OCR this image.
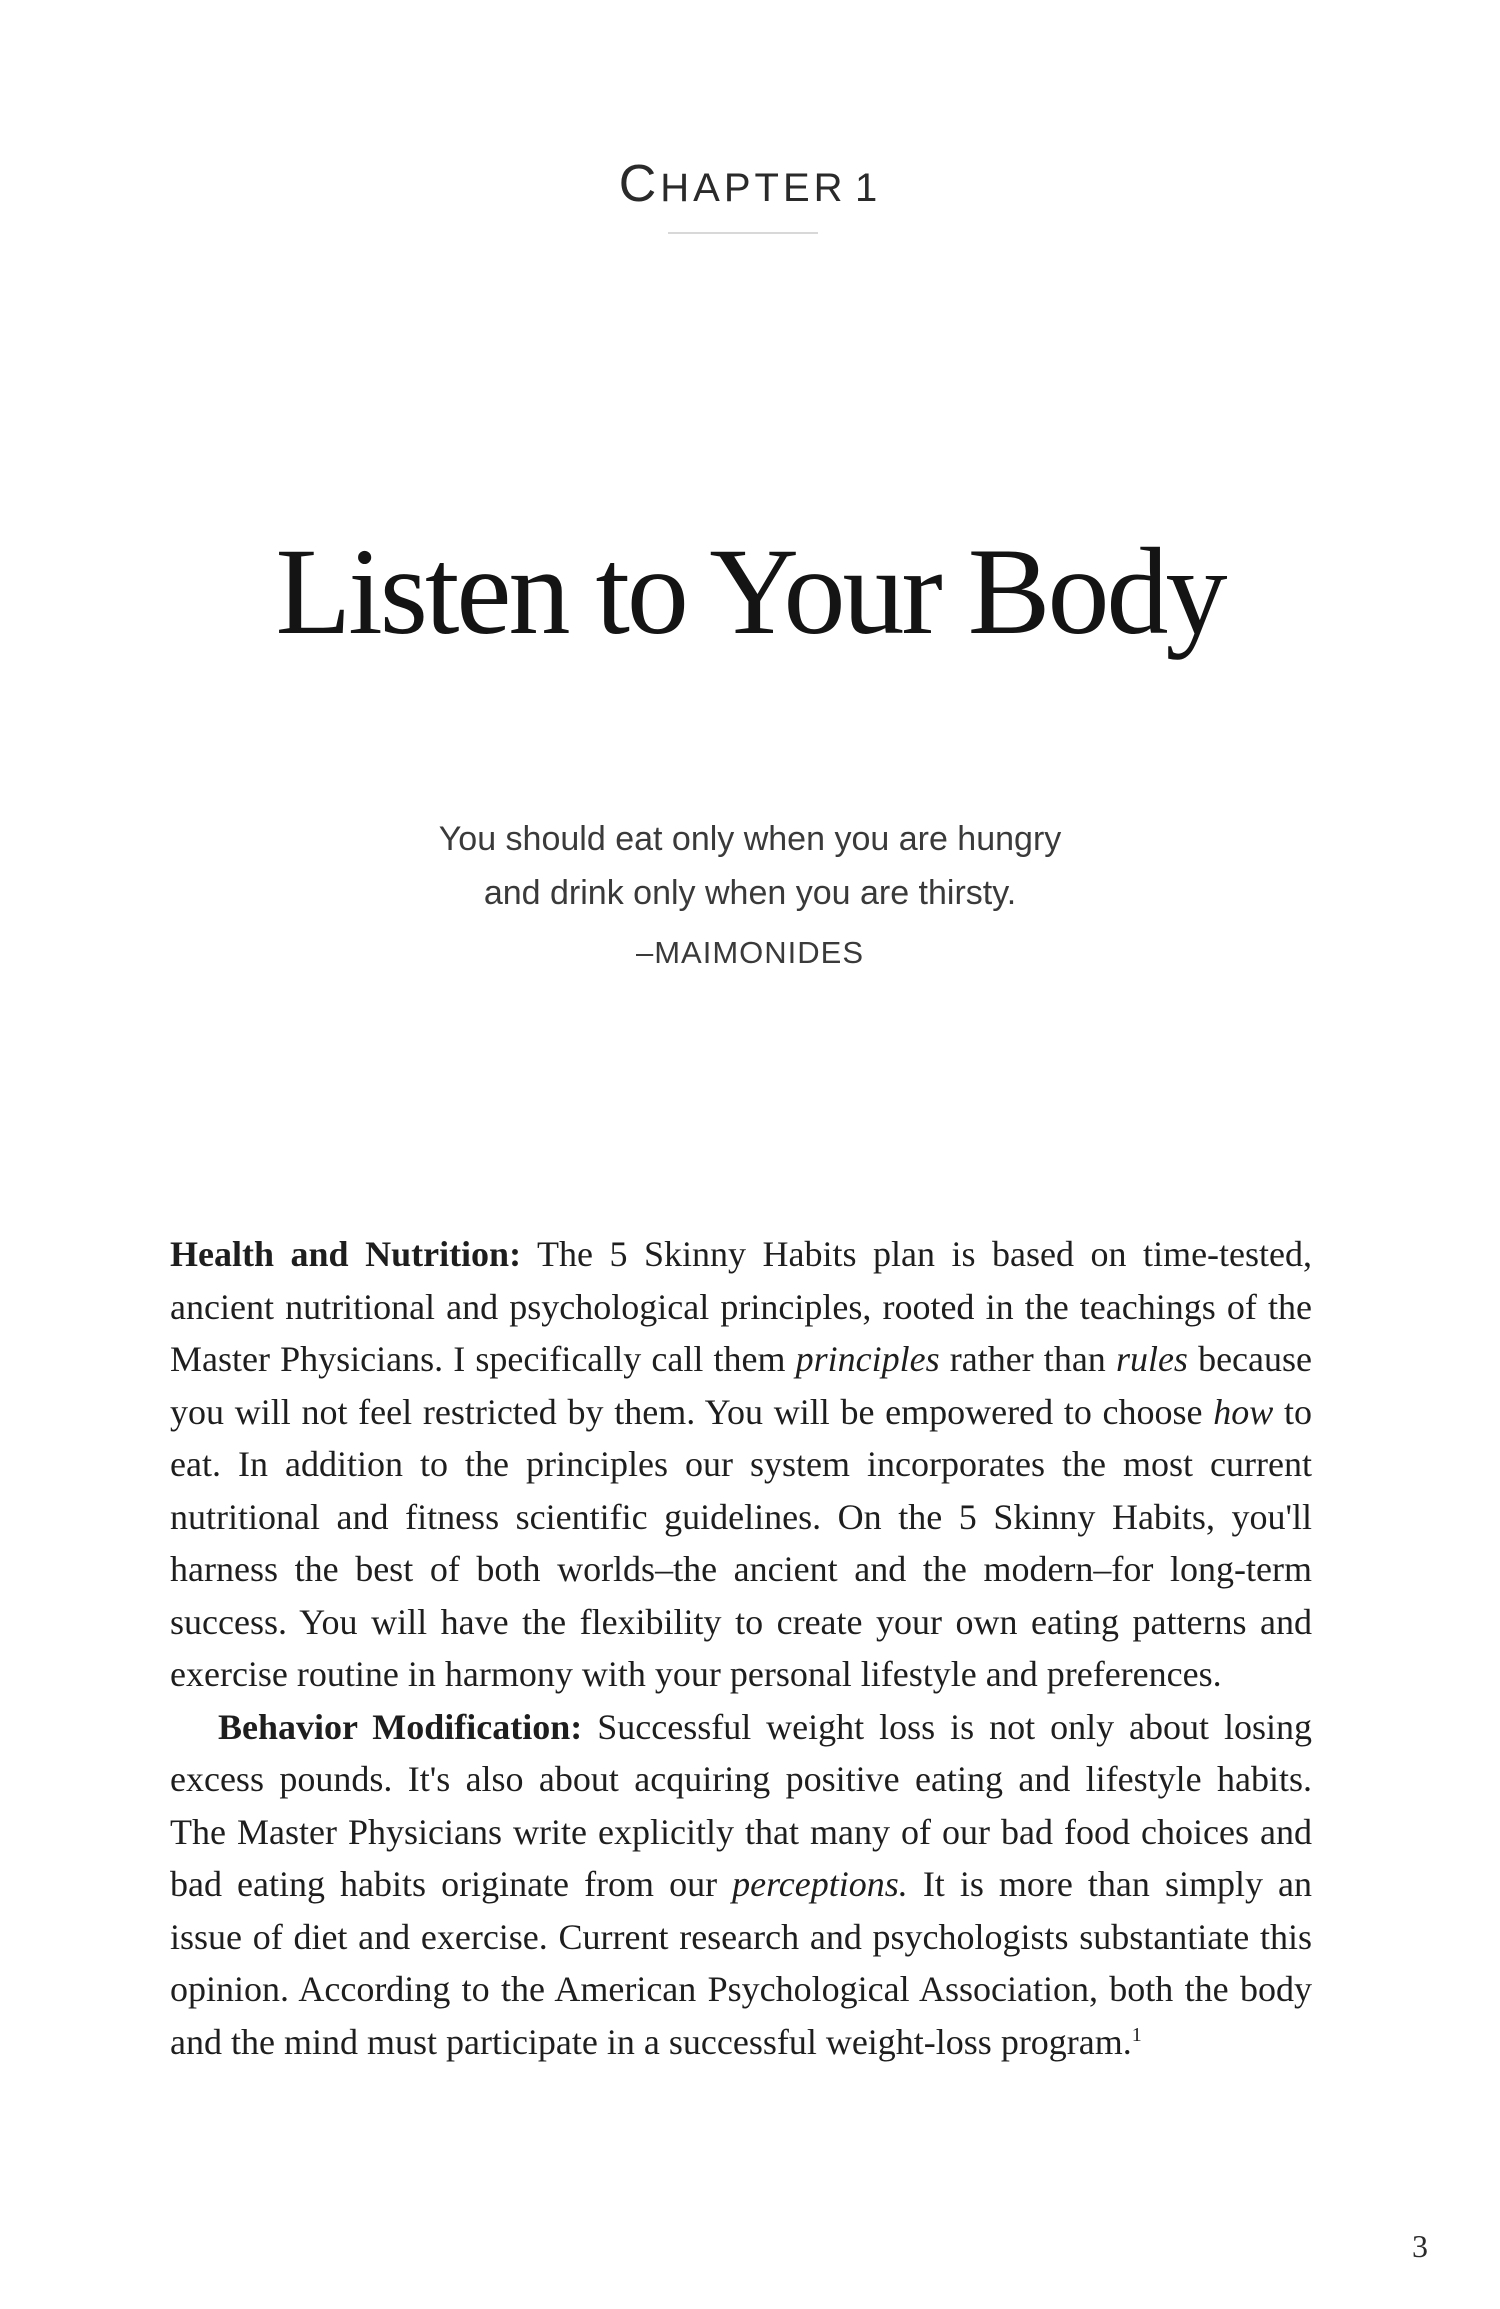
CHAPTER 1
Listen to Your Body
You should eat only when you are hungry
and drink only when you are thirsty.
–MAIMONIDES

Health and Nutrition: The 5 Skinny Habits plan is based on time-tested, ancient nutritional and psychological principles, rooted in the teachings of the Master Physicians. I specifically call them principles rather than rules because you will not feel restricted by them. You will be empowered to choose how to eat. In addition to the principles our system incorporates the most current nutritional and fitness scientific guidelines. On the 5 Skinny Habits, you'll harness the best of both worlds–the ancient and the modern–for long-term success. You will have the flexibility to create your own eating patterns and exercise routine in harmony with your personal lifestyle and preferences.

Behavior Modification: Successful weight loss is not only about losing excess pounds. It's also about acquiring positive eating and lifestyle habits. The Master Physicians write explicitly that many of our bad food choices and bad eating habits originate from our perceptions. It is more than simply an issue of diet and exercise. Current research and psychologists substantiate this opinion. According to the American Psychological Association, both the body and the mind must participate in a successful weight-loss program.$^1$

3
